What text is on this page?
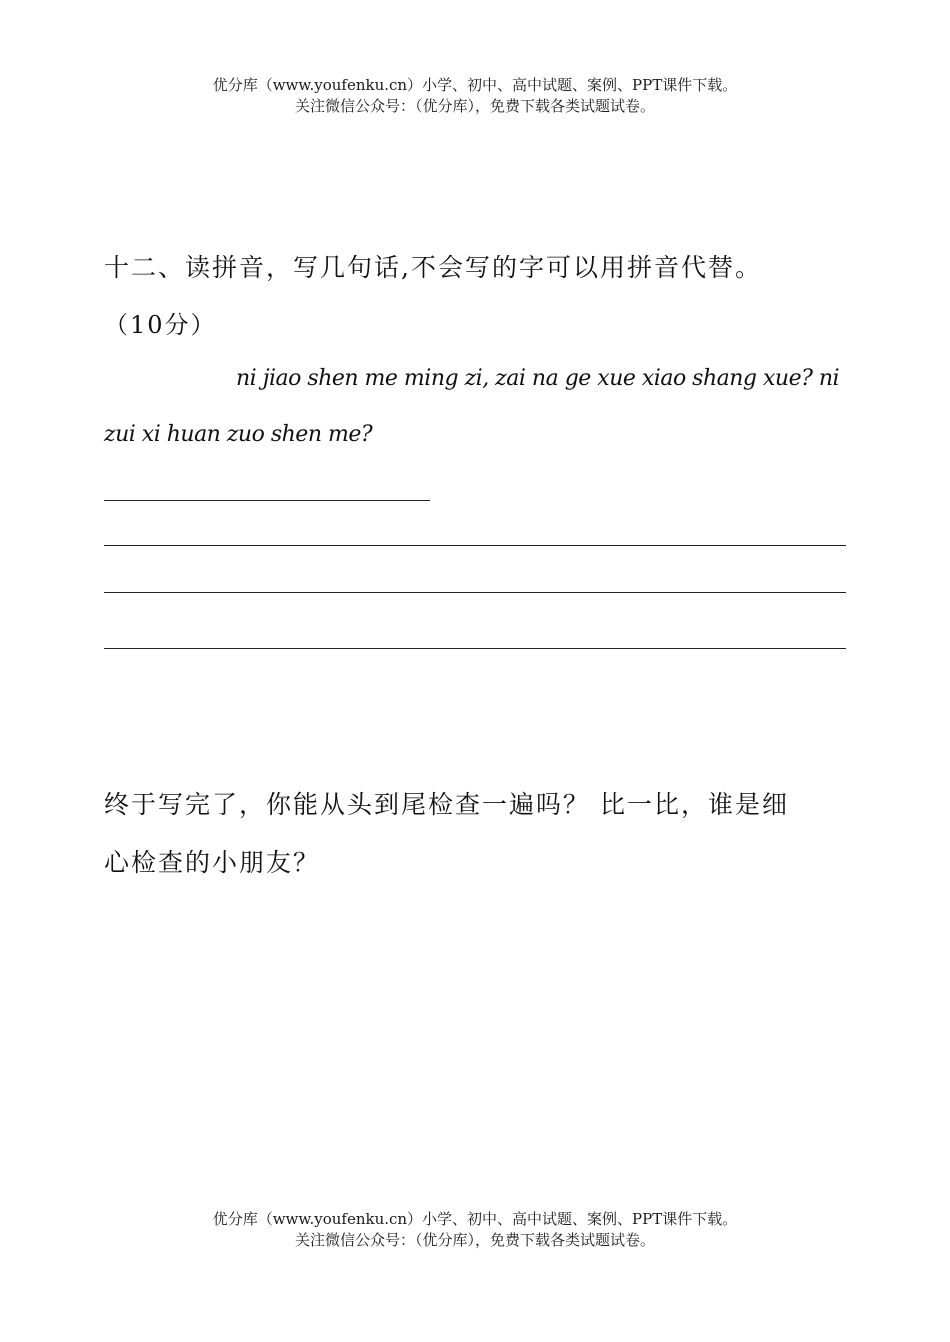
优分库（www.youfenku.cn）小学、初中、高中试题、案例、PPT课件下载。
关注微信公众号：（优分库），免费下载各类试题试卷。
十二、读拼音，写几句话,不会写的字可以用拼音代替。
（10分）
ni jiao shen me ming zi, zai na ge xue xiao shang xue? ni
zui xi huan zuo shen me?
终于写完了，你能从头到尾检查一遍吗？ 比一比，谁是细
心检查的小朋友？
优分库（www.youfenku.cn）小学、初中、高中试题、案例、PPT课件下载。
关注微信公众号：（优分库），免费下载各类试题试卷。
